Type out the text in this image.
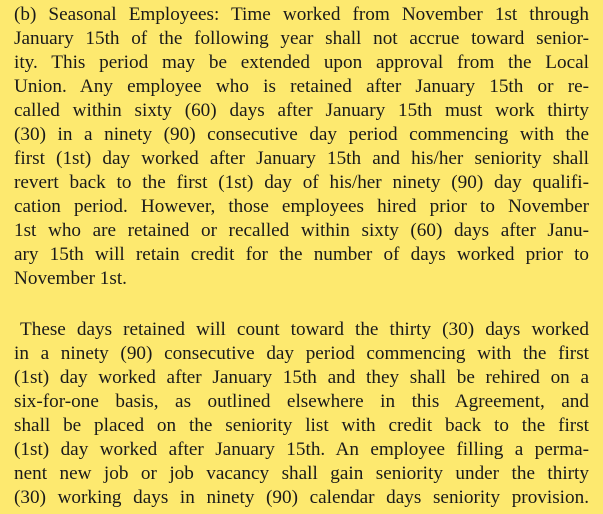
(b) Seasonal Employees: Time worked from November 1st through
January 15th of the following year shall not accrue toward senior-
ity. This period may be extended upon approval from the Local
Union. Any employee who is retained after January 15th or re-
called within sixty (60) days after January 15th must work thirty
(30) in a ninety (90) consecutive day period commencing with the
first (1st) day worked after January 15th and his/her seniority shall
revert back to the first (1st) day of his/her ninety (90) day qualifi-
cation period. However, those employees hired prior to November
1st who are retained or recalled within sixty (60) days after Janu-
ary 15th will retain credit for the number of days worked prior to
November 1st.
These days retained will count toward the thirty (30) days worked
in a ninety (90) consecutive day period commencing with the first
(1st) day worked after January 15th and they shall be rehired on a
six-for-one basis, as outlined elsewhere in this Agreement, and
shall be placed on the seniority list with credit back to the first
(1st) day worked after January 15th. An employee filling a perma-
nent new job or job vacancy shall gain seniority under the thirty
(30) working days in ninety (90) calendar days seniority provision.
